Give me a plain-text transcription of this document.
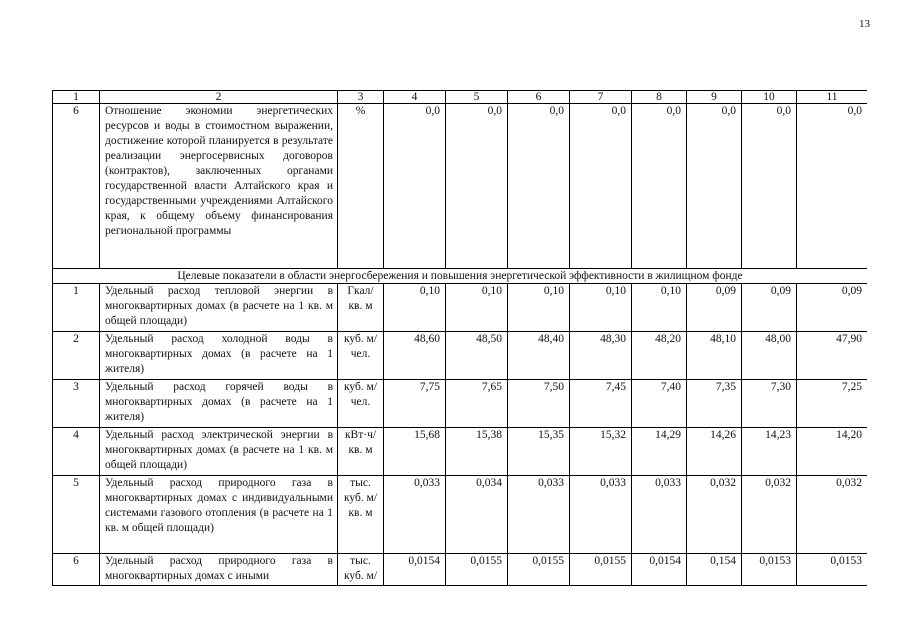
13
1	2	3	4	5	6	7	8	9	10	11
6	Отношение экономии энергетических ресурсов и воды в стоимостном выражении, достижение которой планируется в результате реализации энергосервисных договоров (контрактов), заключенных органами государственной власти Алтайского края и государственными учреждениями Алтайского края, к общему объему финансирования региональной программы	%	0,0	0,0	0,0	0,0	0,0	0,0	0,0	0,0
Целевые показатели в области энергосбережения и повышения энергетической эффективности в жилищном фонде										
1	Удельный расход тепловой энергии в многоквартирных домах (в расчете на 1 кв. м общей площади)	Гкал/ кв. м	0,10	0,10	0,10	0,10	0,10	0,09	0,09	0,09
2	Удельный расход холодной воды в многоквартирных домах (в расчете на 1 жителя)	куб. м/ чел.	48,60	48,50	48,40	48,30	48,20	48,10	48,00	47,90
3	Удельный расход горячей воды в многоквартирных домах (в расчете на 1 жителя)	куб. м/ чел.	7,75	7,65	7,50	7,45	7,40	7,35	7,30	7,25
4	Удельный расход электрической энергии в многоквартирных домах (в расчете на 1 кв. м общей площади)	кВт·ч/ кв. м	15,68	15,38	15,35	15,32	14,29	14,26	14,23	14,20
5	Удельный расход природного газа в многоквартирных домах с индивидуальными системами газового отопления (в расчете на 1 кв. м общей площади)	тыс. куб. м/ кв. м	0,033	0,034	0,033	0,033	0,033	0,032	0,032	0,032
6	Удельный расход природного газа в многоквартирных домах с иными	тыс. куб. м/	0,0154	0,0155	0,0155	0,0155	0,0154	0,154	0,0153	0,0153
